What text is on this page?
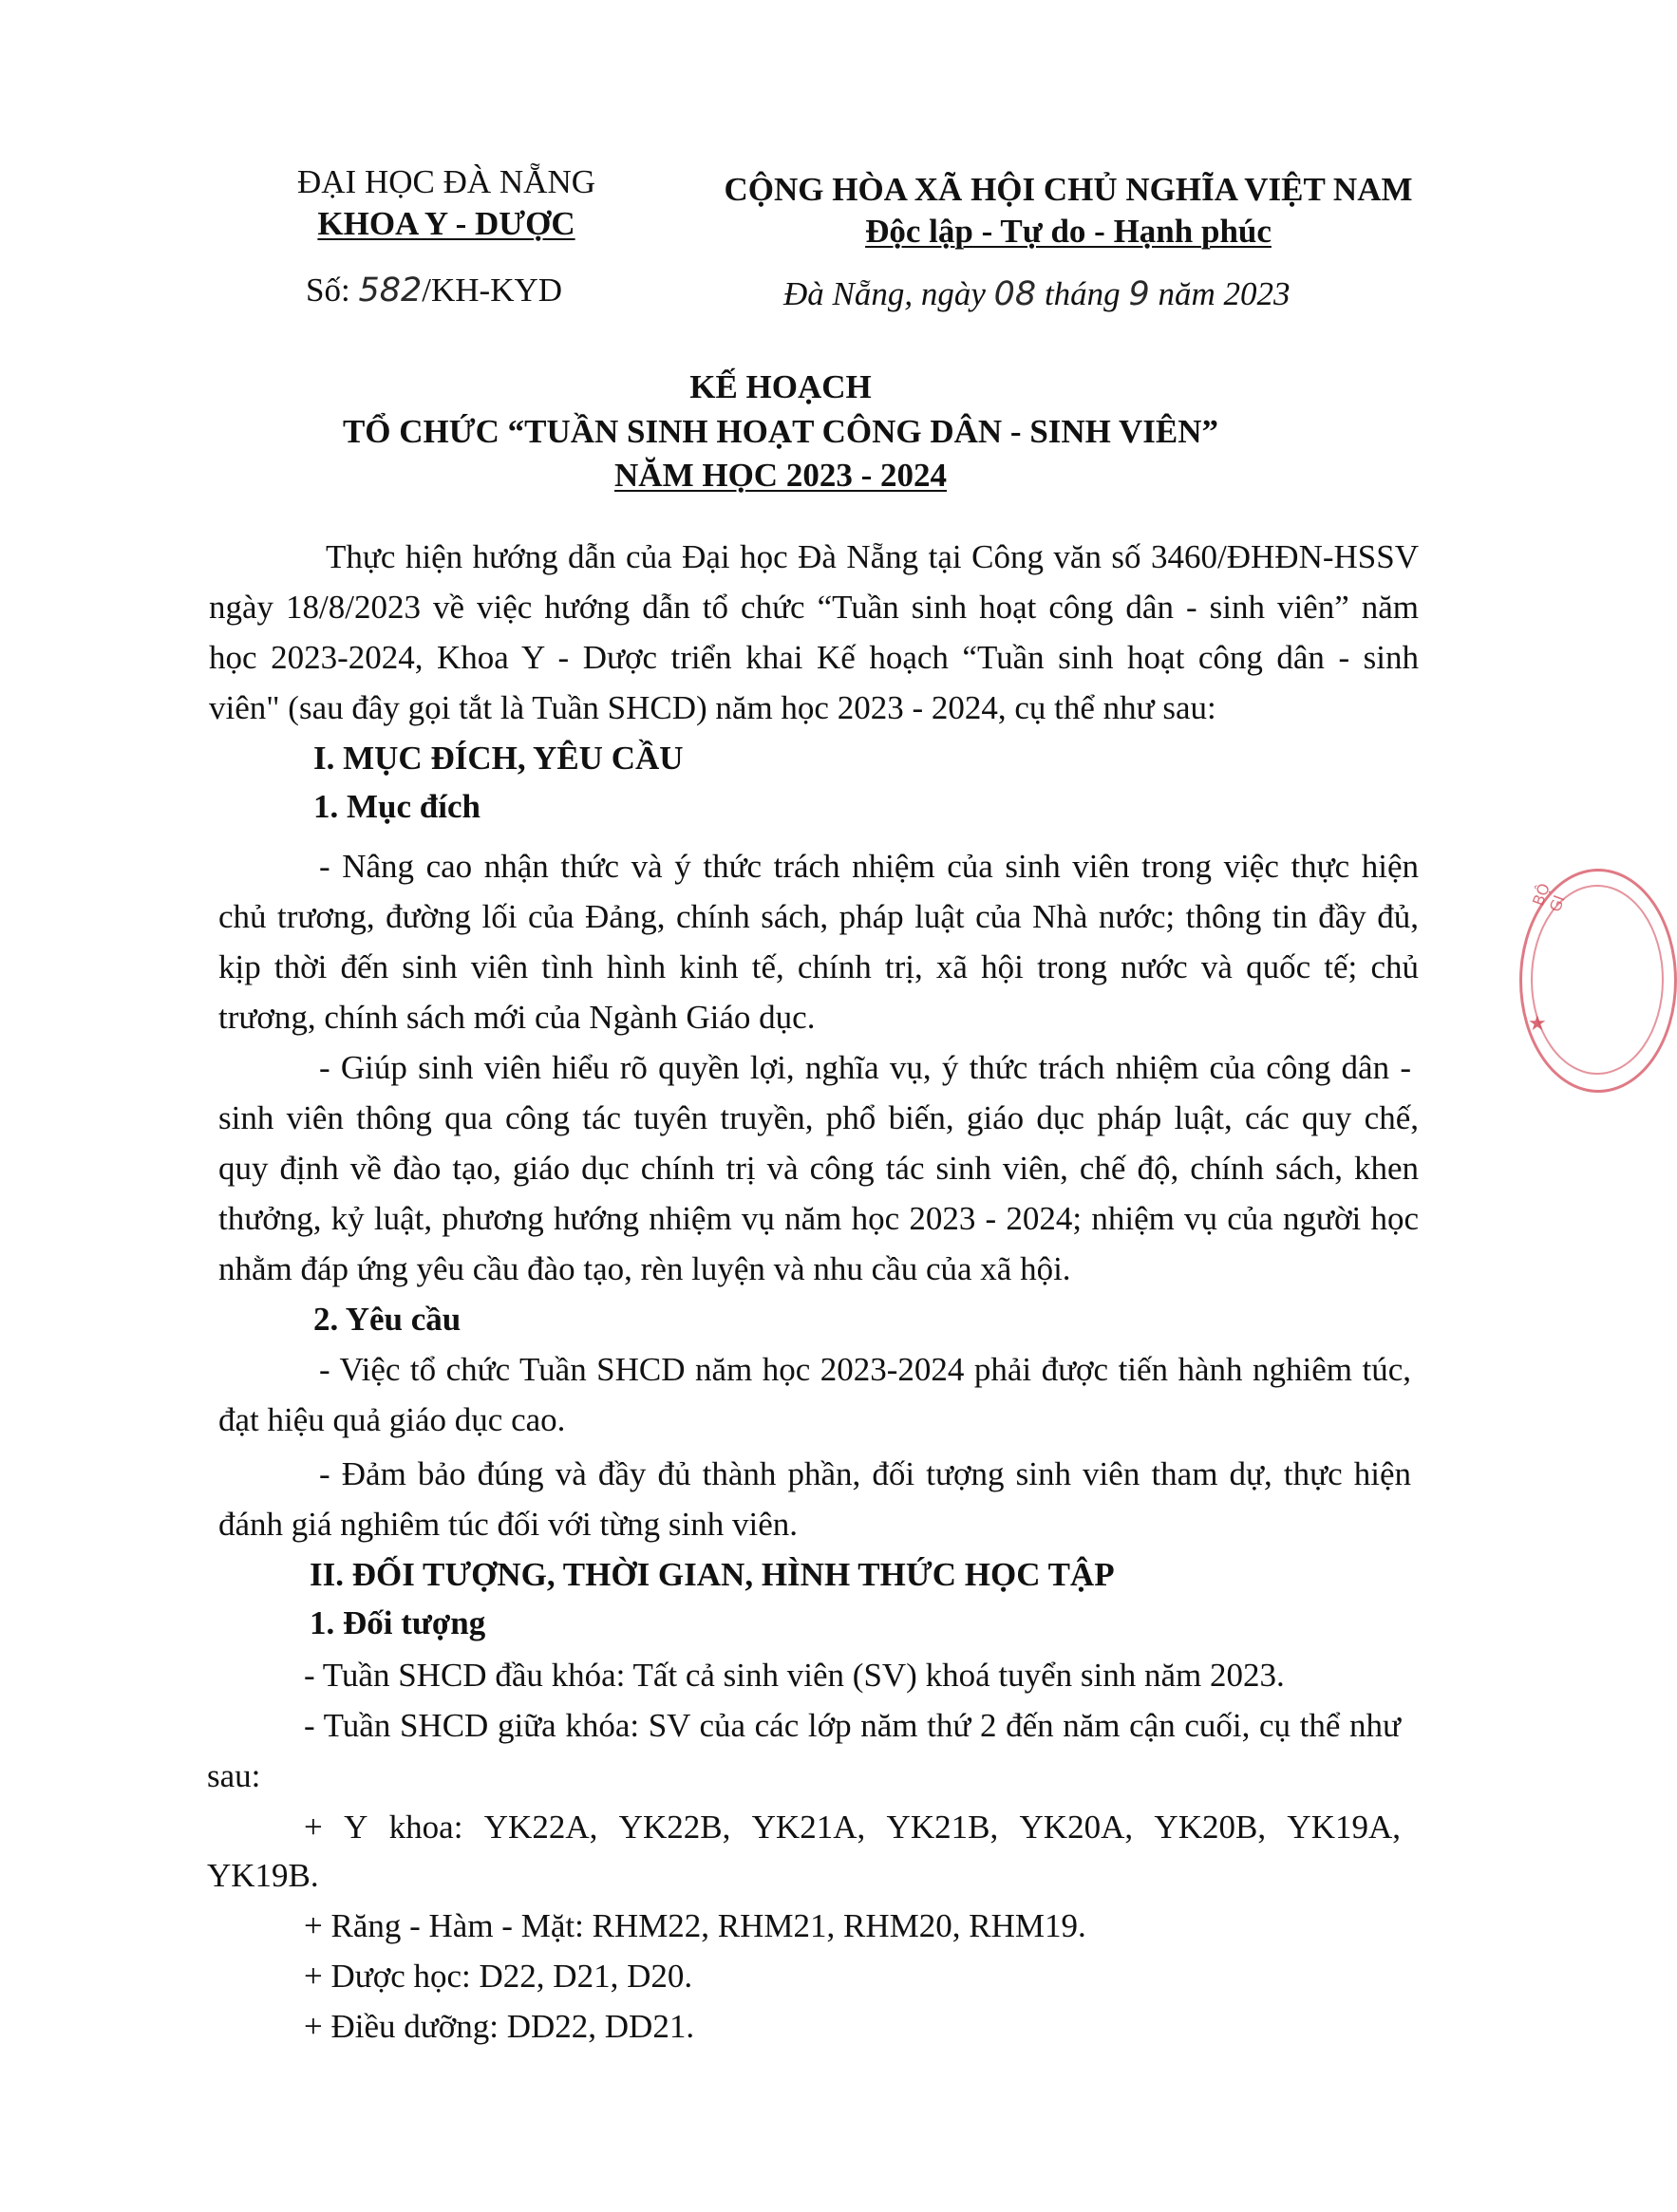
ĐẠI HỌC ĐÀ NẴNG
KHOA Y - DƯỢC
Số: 582/KH-KYD
CỘNG HÒA XÃ HỘI CHỦ NGHĨA VIỆT NAM
Độc lập - Tự do - Hạnh phúc
Đà Nẵng, ngày 08 tháng 9 năm 2023
KẾ HOẠCH
TỔ CHỨC “TUẦN SINH HOẠT CÔNG DÂN - SINH VIÊN”
NĂM HỌC 2023 - 2024
Thực hiện hướng dẫn của Đại học Đà Nẵng tại Công văn số 3460/ĐHĐN-HSSV
ngày 18/8/2023 về việc hướng dẫn tổ chức “Tuần sinh hoạt công dân - sinh viên” năm
học 2023-2024, Khoa Y - Dược triển khai Kế hoạch “Tuần sinh hoạt công dân - sinh
viên" (sau đây gọi tắt là Tuần SHCD) năm học 2023 - 2024, cụ thể như sau:
I. MỤC ĐÍCH, YÊU CẦU
1. Mục đích
- Nâng cao nhận thức và ý thức trách nhiệm của sinh viên trong việc thực hiện
chủ trương, đường lối của Đảng, chính sách, pháp luật của Nhà nước; thông tin đầy đủ,
kịp thời đến sinh viên tình hình kinh tế, chính trị, xã hội trong nước và quốc tế; chủ
trương, chính sách mới của Ngành Giáo dục.
- Giúp sinh viên hiểu rõ quyền lợi, nghĩa vụ, ý thức trách nhiệm của công dân -
sinh viên thông qua công tác tuyên truyền, phổ biến, giáo dục pháp luật, các quy chế,
quy định về đào tạo, giáo dục chính trị và công tác sinh viên, chế độ, chính sách, khen
thưởng, kỷ luật, phương hướng nhiệm vụ năm học 2023 - 2024; nhiệm vụ của người học
nhằm đáp ứng yêu cầu đào tạo, rèn luyện và nhu cầu của xã hội.
2. Yêu cầu
- Việc tổ chức Tuần SHCD năm học 2023-2024 phải được tiến hành nghiêm túc,
đạt hiệu quả giáo dục cao.
- Đảm bảo đúng và đầy đủ thành phần, đối tượng sinh viên tham dự, thực hiện
đánh giá nghiêm túc đối với từng sinh viên.
II. ĐỐI TƯỢNG, THỜI GIAN, HÌNH THỨC HỌC TẬP
1. Đối tượng
- Tuần SHCD đầu khóa: Tất cả sinh viên (SV) khoá tuyển sinh năm 2023.
- Tuần SHCD giữa khóa: SV của các lớp năm thứ 2 đến năm cận cuối, cụ thể như
sau:
+ Y khoa: YK22A, YK22B, YK21A, YK21B, YK20A, YK20B, YK19A,
YK19B.
+ Răng - Hàm - Mặt: RHM22, RHM21, RHM20, RHM19.
+ Dược học: D22, D21, D20.
+ Điều dưỡng: DD22, DD21.
BỘ GI
★
